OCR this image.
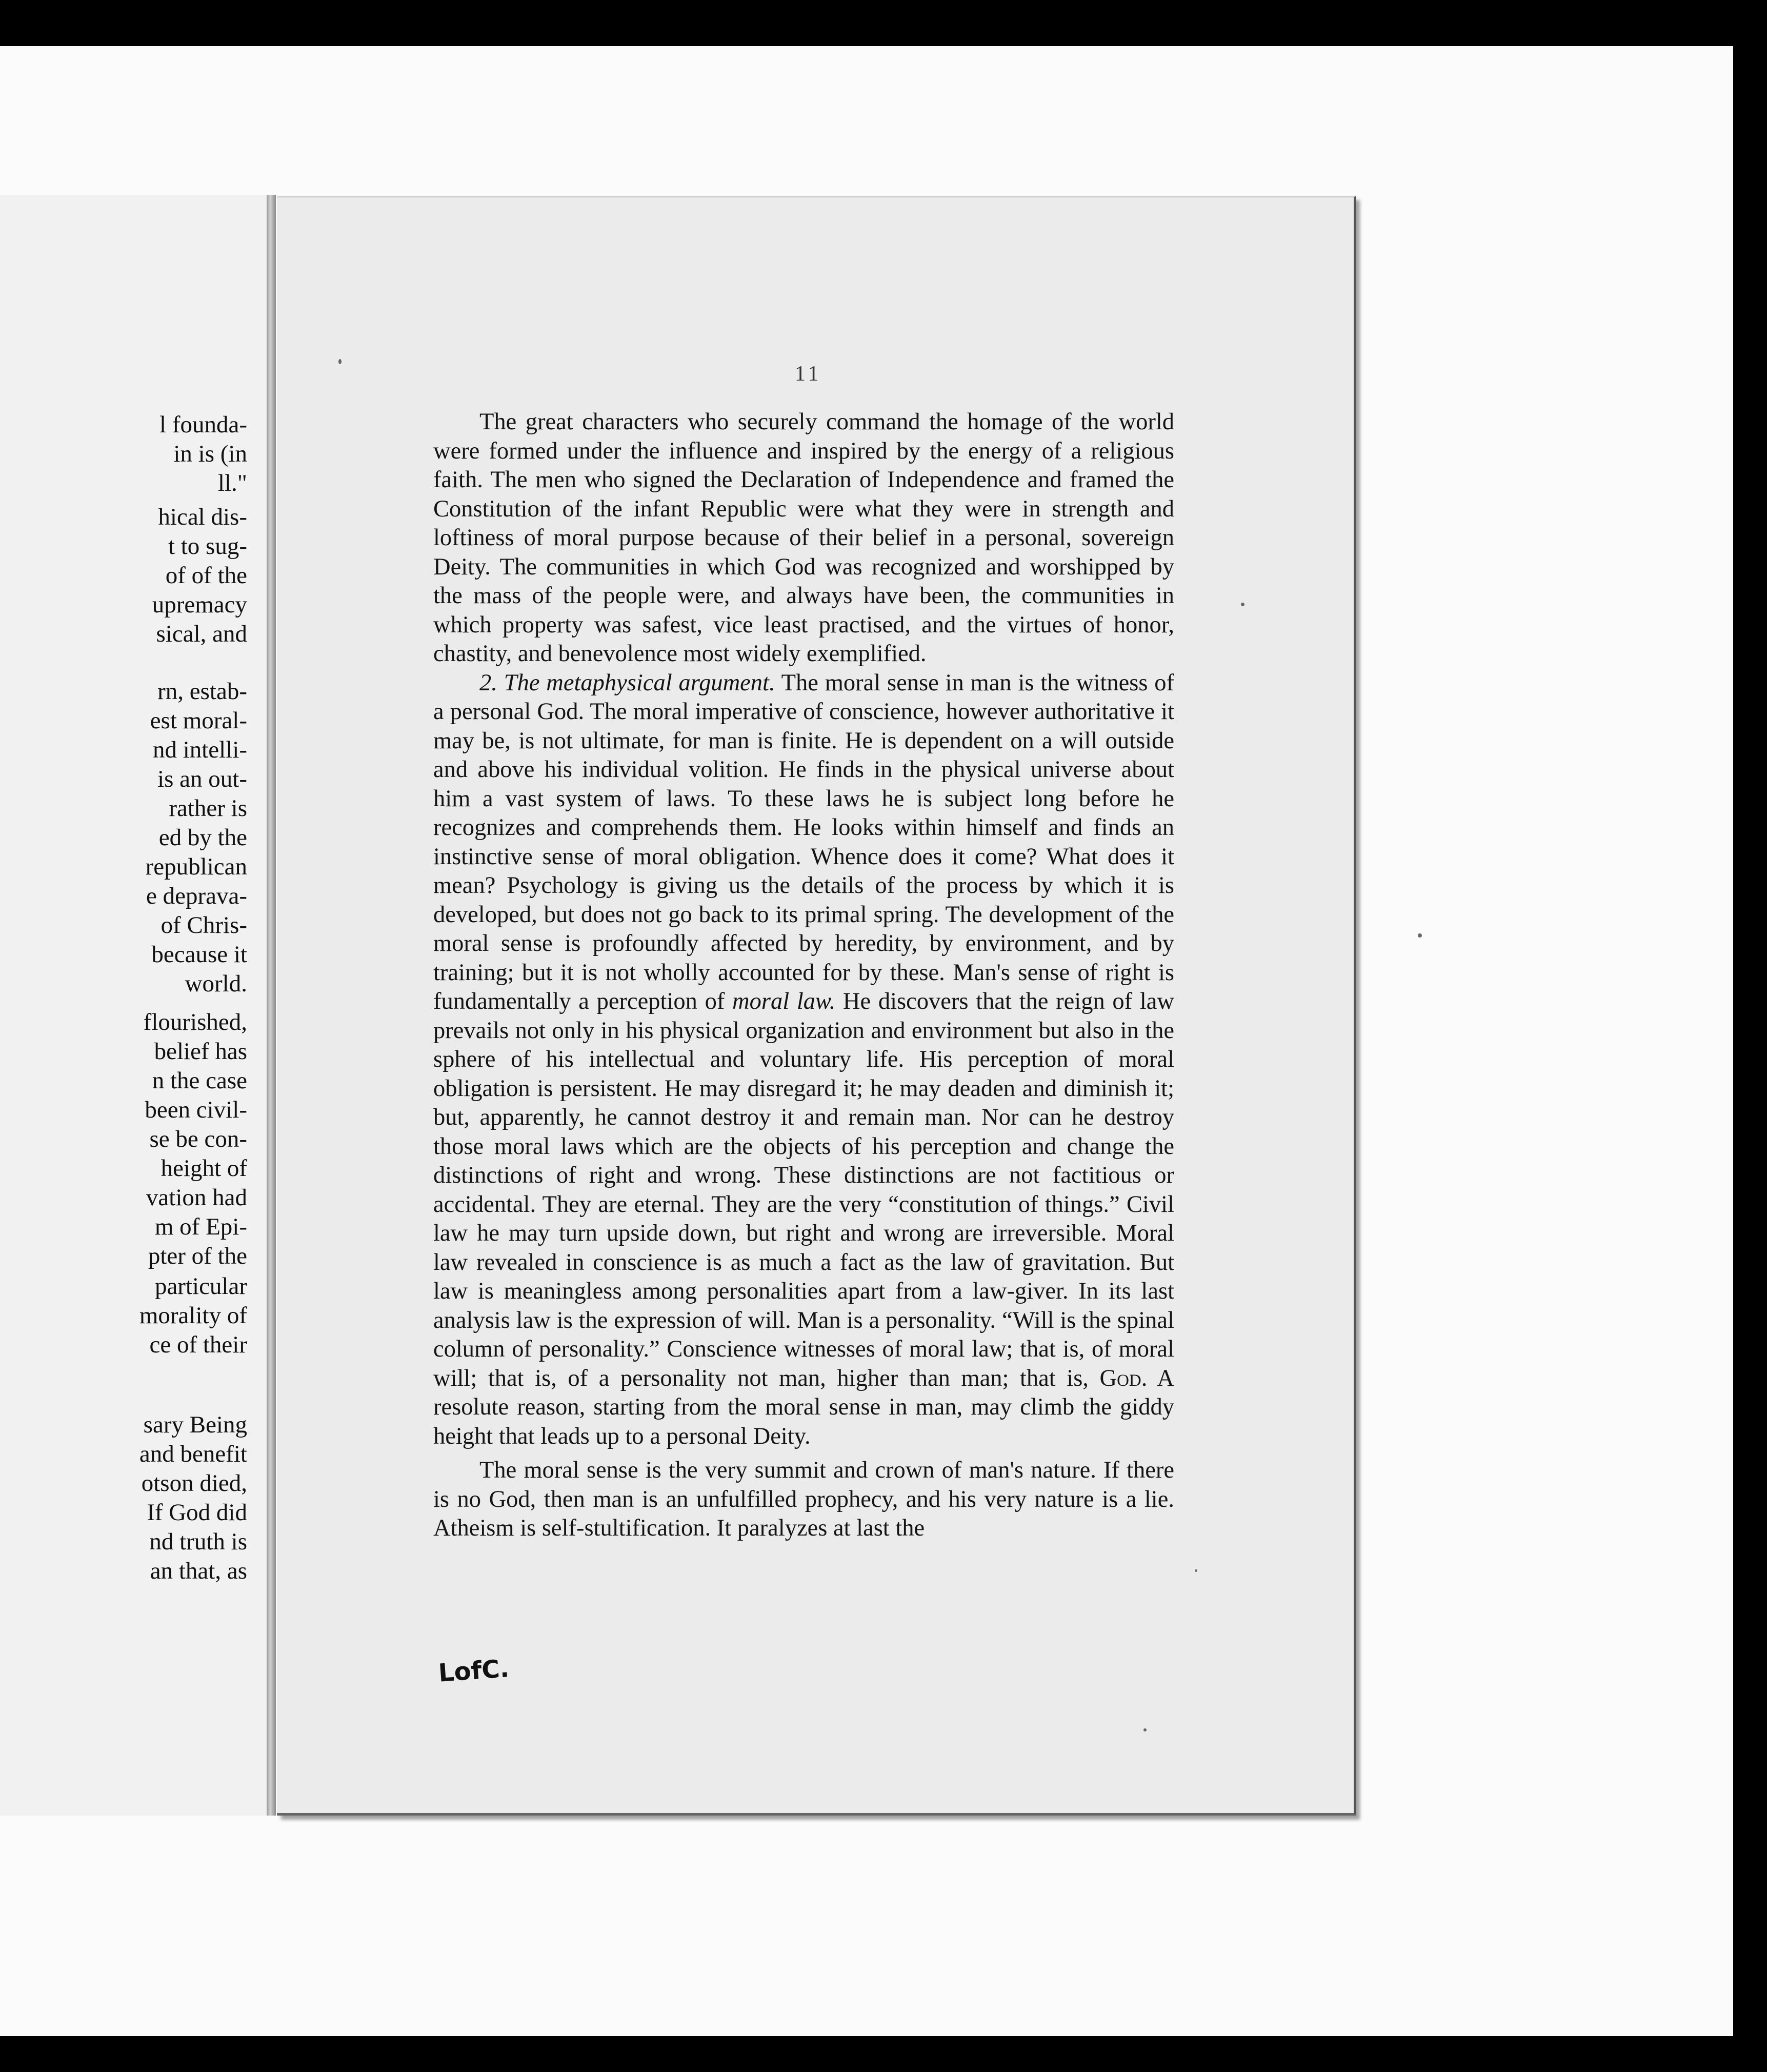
l founda-
in is (in
ll."
hical dis-
t to sug-
of of the
upremacy
sical, and
rn, estab-
est moral-
nd intelli-
is an out-
rather is
ed by the
republican
e deprava-
of Chris-
because it
world.
flourished,
belief has
n the case
been civil-
se be con-
height of
vation had
m of Epi-
pter of the
particular
morality of
ce of their
sary Being
and benefit
otson died,
If God did
nd truth is
an that, as
11

The great characters who securely command the homage of the world were formed under the influence and inspired by the energy of a religious faith. The men who signed the Declaration of Independence and framed the Constitution of the infant Republic were what they were in strength and loftiness of moral purpose because of their belief in a personal, sovereign Deity. The communities in which God was recognized and worshipped by the mass of the people were, and always have been, the communities in which property was safest, vice least practised, and the virtues of honor, chastity, and benevolence most widely exemplified.

2. The metaphysical argument. The moral sense in man is the witness of a personal God. The moral imperative of conscience, however authoritative it may be, is not ultimate, for man is finite. He is dependent on a will outside and above his individual volition. He finds in the physical universe about him a vast system of laws. To these laws he is subject long before he recognizes and comprehends them. He looks within himself and finds an instinctive sense of moral obligation. Whence does it come? What does it mean? Psychology is giving us the details of the process by which it is developed, but does not go back to its primal spring. The development of the moral sense is profoundly affected by heredity, by environment, and by training; but it is not wholly accounted for by these. Man's sense of right is fundamentally a perception of moral law. He discovers that the reign of law prevails not only in his physical organization and environment but also in the sphere of his intellectual and voluntary life. His perception of moral obligation is persistent. He may disregard it; he may deaden and diminish it; but, apparently, he cannot destroy it and remain man. Nor can he destroy those moral laws which are the objects of his perception and change the distinctions of right and wrong. These distinctions are not factitious or accidental. They are eternal. They are the very “constitution of things.” Civil law he may turn upside down, but right and wrong are irreversible. Moral law revealed in conscience is as much a fact as the law of gravitation. But law is meaningless among personalities apart from a law-giver. In its last analysis law is the expression of will. Man is a personality. “Will is the spinal column of personality.” Conscience witnesses of moral law; that is, of moral will; that is, of a personality not man, higher than man; that is, God. A resolute reason, starting from the moral sense in man, may climb the giddy height that leads up to a personal Deity.

The moral sense is the very summit and crown of man's nature. If there is no God, then man is an unfulfilled prophecy, and his very nature is a lie. Atheism is self-stultification. It paralyzes at last the

LofC.
